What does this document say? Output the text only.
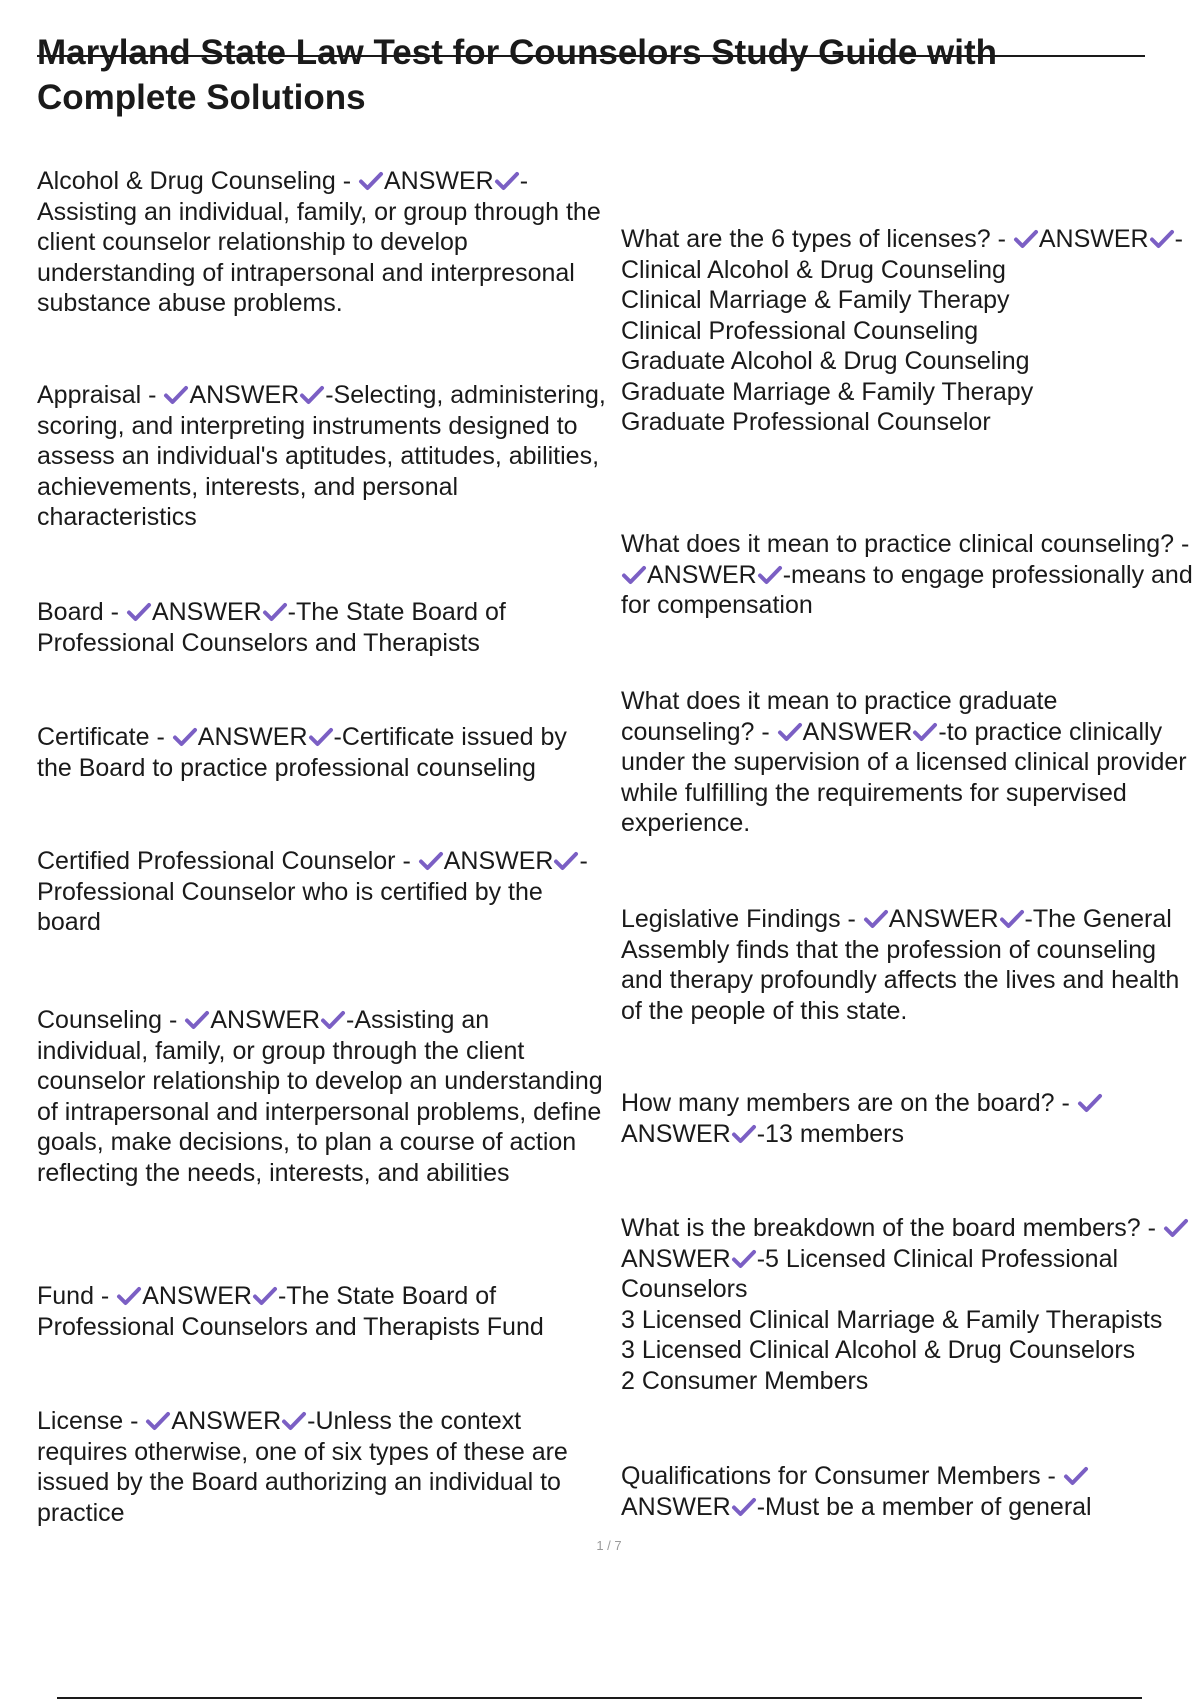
Maryland State Law Test for Counselors Study Guide with Complete Solutions

Alcohol & Drug Counseling -
ANSWER -
Assisting an individual, family, or group through the client counselor relationship to develop understanding of intrapersonal and interpresonal substance abuse problems.

Appraisal -
ANSWER -Selecting, administering, scoring, and interpreting instruments designed to assess an individual's aptitudes, attitudes, abilities, achievements, interests, and personal characteristics

Board -
ANSWER -The State Board of Professional Counselors and Therapists

Certificate -
ANSWER -Certificate issued by the Board to practice professional counseling

Certified Professional Counselor -
ANSWER -Professional Counselor who is certified by the board

Counseling -
ANSWER -Assisting an individual, family, or group through the client counselor relationship to develop an understanding of intrapersonal and interpersonal problems, define goals, make decisions, to plan a course of action reflecting the needs, interests, and abilities

Fund -
ANSWER -The State Board of Professional Counselors and Therapists Fund

License -
ANSWER -Unless the context requires otherwise, one of six types of these are issued by the Board authorizing an individual to practice

What are the 6 types of licenses? -
ANSWER -Clinical Alcohol & Drug Counseling
Clinical Marriage & Family Therapy
Clinical Professional Counseling
Graduate Alcohol & Drug Counseling
Graduate Marriage & Family Therapy
Graduate Professional Counselor

What does it mean to practice clinical counseling? -
ANSWER -means to engage professionally and for compensation

What does it mean to practice graduate counseling? -
ANSWER -to practice clinically under the supervision of a licensed clinical provider while fulfilling the requirements for supervised experience.

Legislative Findings -
ANSWER -The General Assembly finds that the profession of counseling and therapy profoundly affects the lives and health of the people of this state.

How many members are on the board? -
ANSWER -13 members

What is the breakdown of the board members? -
ANSWER -5 Licensed Clinical Professional Counselors
3 Licensed Clinical Marriage & Family Therapists
3 Licensed Clinical Alcohol & Drug Counselors
2 Consumer Members

Qualifications for Consumer Members -
ANSWER -Must be a member of general

1 / 7
